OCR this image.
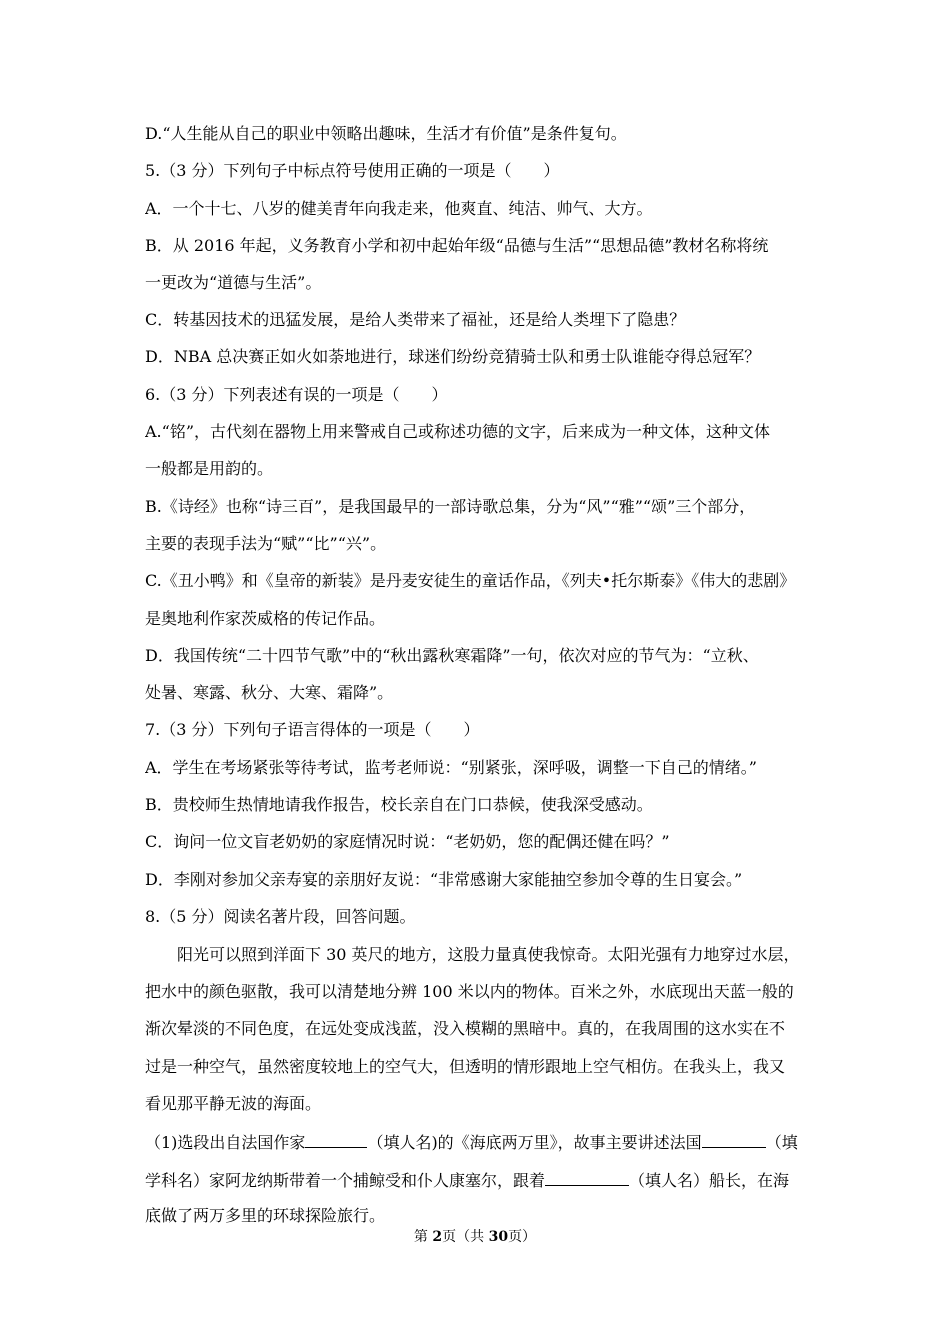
D.“人生能从自己的职业中领略出趣味，生活才有价值”是条件复句。
5.（3 分）下列句子中标点符号使用正确的一项是（　　）
A．一个十七、八岁的健美青年向我走来，他爽直、纯洁、帅气、大方。
B．从 2016 年起，义务教育小学和初中起始年级“品德与生活”“思想品德”教材名称将统
一更改为“道德与生活”。
C．转基因技术的迅猛发展，是给人类带来了福祉，还是给人类埋下了隐患？
D．NBA 总决赛正如火如荼地进行，球迷们纷纷竞猜骑士队和勇士队谁能夺得总冠军？
6.（3 分）下列表述有误的一项是（　　）
A.“铭”，古代刻在器物上用来警戒自己或称述功德的文字，后来成为一种文体，这种文体
一般都是用韵的。
B.《诗经》也称“诗三百”，是我国最早的一部诗歌总集，分为“风”“雅”“颂”三个部分，
主要的表现手法为“赋”“比”“兴”。
C.《丑小鸭》和《皇帝的新装》是丹麦安徒生的童话作品，《列夫•托尔斯泰》《伟大的悲剧》
是奥地利作家茨威格的传记作品。
D．我国传统“二十四节气歌”中的“秋出露秋寒霜降”一句，依次对应的节气为：“立秋、
处暑、寒露、秋分、大寒、霜降”。
7.（3 分）下列句子语言得体的一项是（　　）
A．学生在考场紧张等待考试，监考老师说：“别紧张，深呼吸，调整一下自己的情绪。”
B．贵校师生热情地请我作报告，校长亲自在门口恭候，使我深受感动。
C．询问一位文盲老奶奶的家庭情况时说：“老奶奶，您的配偶还健在吗？”
D．李刚对参加父亲寿宴的亲朋好友说：“非常感谢大家能抽空参加令尊的生日宴会。”
8.（5 分）阅读名著片段，回答问题。
阳光可以照到洋面下 30 英尺的地方，这股力量真使我惊奇。太阳光强有力地穿过水层，
把水中的颜色驱散，我可以清楚地分辨 100 米以内的物体。百米之外，水底现出天蓝一般的
渐次晕淡的不同色度，在远处变成浅蓝，没入模糊的黑暗中。真的，在我周围的这水实在不
过是一种空气，虽然密度较地上的空气大，但透明的情形跟地上空气相仿。在我头上，我又
看见那平静无波的海面。
（1)选段出自法国作家	（填人名)的《海底两万里》，故事主要讲述法国	（填
学科名）家阿龙纳斯带着一个捕鲸受和仆人康塞尔，跟着	（填人名）船长，在海
底做了两万多里的环球探险旅行。
第 2页（共 30页）
